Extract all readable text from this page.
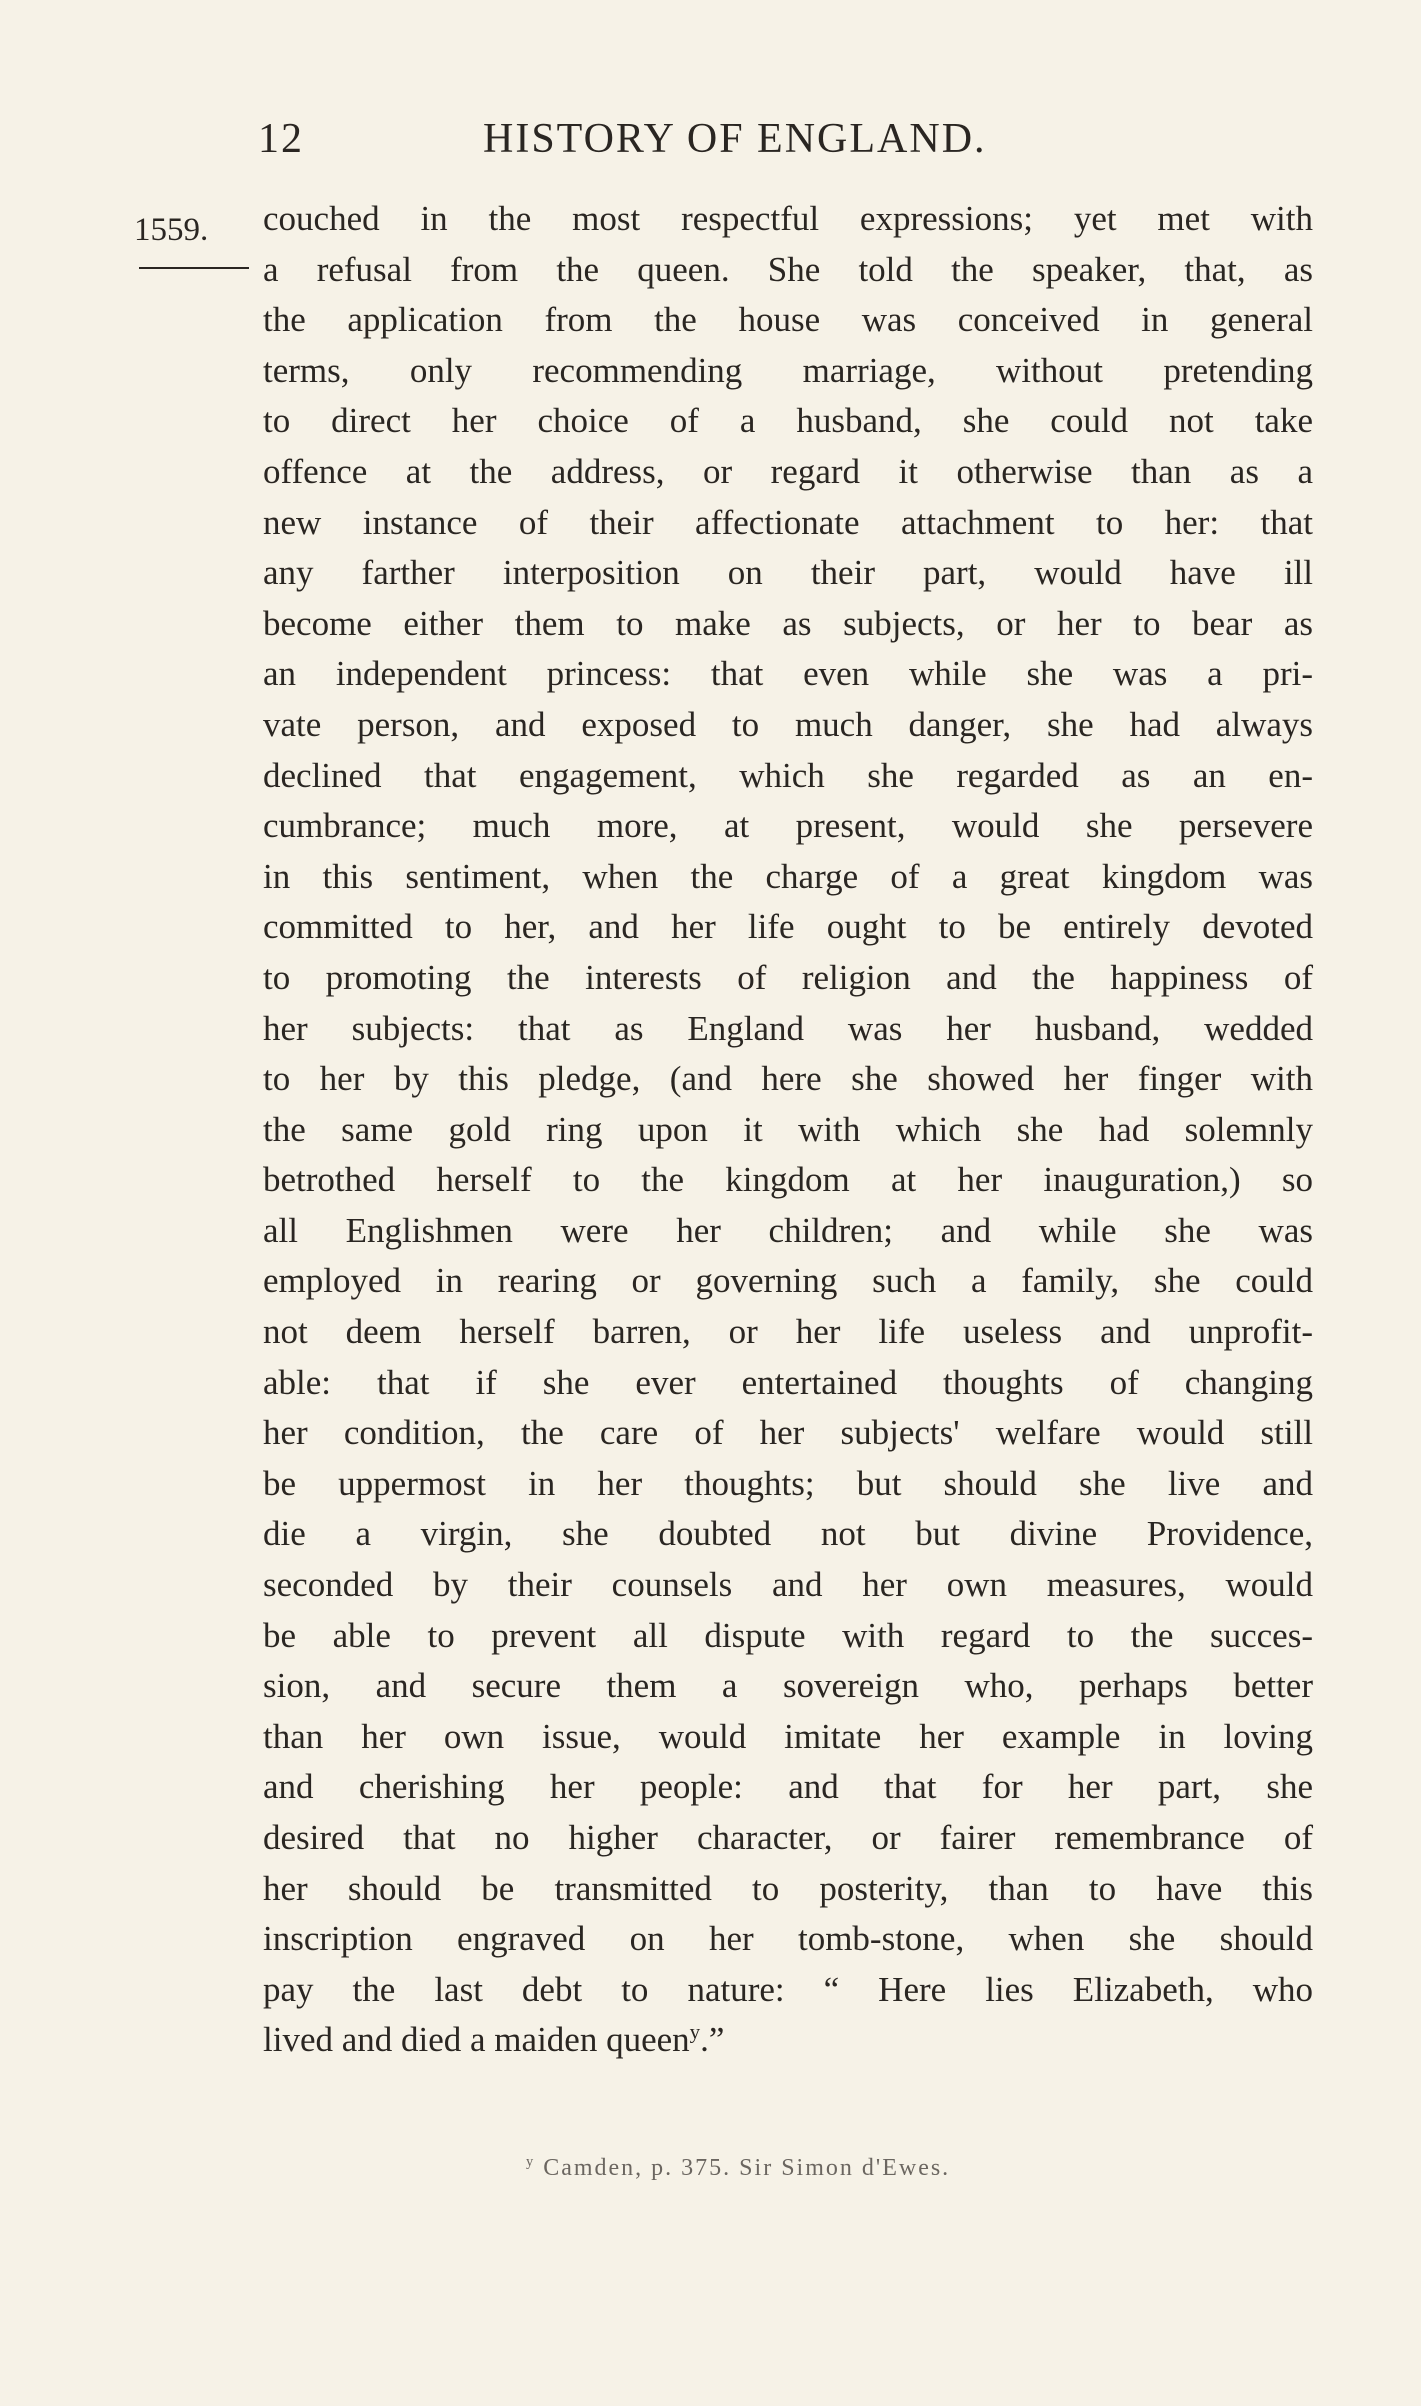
12	HISTORY OF ENGLAND.
1559. couched in the most respectful expressions; yet met with
a refusal from the queen. She told the speaker, that, as
the application from the house was conceived in general
terms, only recommending marriage, without pretending
to direct her choice of a husband, she could not take
offence at the address, or regard it otherwise than as a
new instance of their affectionate attachment to her: that
any farther interposition on their part, would have ill
become either them to make as subjects, or her to bear as
an independent princess: that even while she was a pri-
vate person, and exposed to much danger, she had always
declined that engagement, which she regarded as an en-
cumbrance; much more, at present, would she persevere
in this sentiment, when the charge of a great kingdom was
committed to her, and her life ought to be entirely devoted
to promoting the interests of religion and the happiness of
her subjects: that as England was her husband, wedded
to her by this pledge, (and here she showed her finger with
the same gold ring upon it with which she had solemnly
betrothed herself to the kingdom at her inauguration,) so
all Englishmen were her children; and while she was
employed in rearing or governing such a family, she could
not deem herself barren, or her life useless and unprofit-
able: that if she ever entertained thoughts of changing
her condition, the care of her subjects' welfare would still
be uppermost in her thoughts; but should she live and
die a virgin, she doubted not but divine Providence,
seconded by their counsels and her own measures, would
be able to prevent all dispute with regard to the succes-
sion, and secure them a sovereign who, perhaps better
than her own issue, would imitate her example in loving
and cherishing her people: and that for her part, she
desired that no higher character, or fairer remembrance of
her should be transmitted to posterity, than to have this
inscription engraved on her tomb-stone, when she should
pay the last debt to nature: “ Here lies Elizabeth, who
lived and died a maiden queen$^y$.”
$^y$ Camden, p. 375. Sir Simon d'Ewes.
